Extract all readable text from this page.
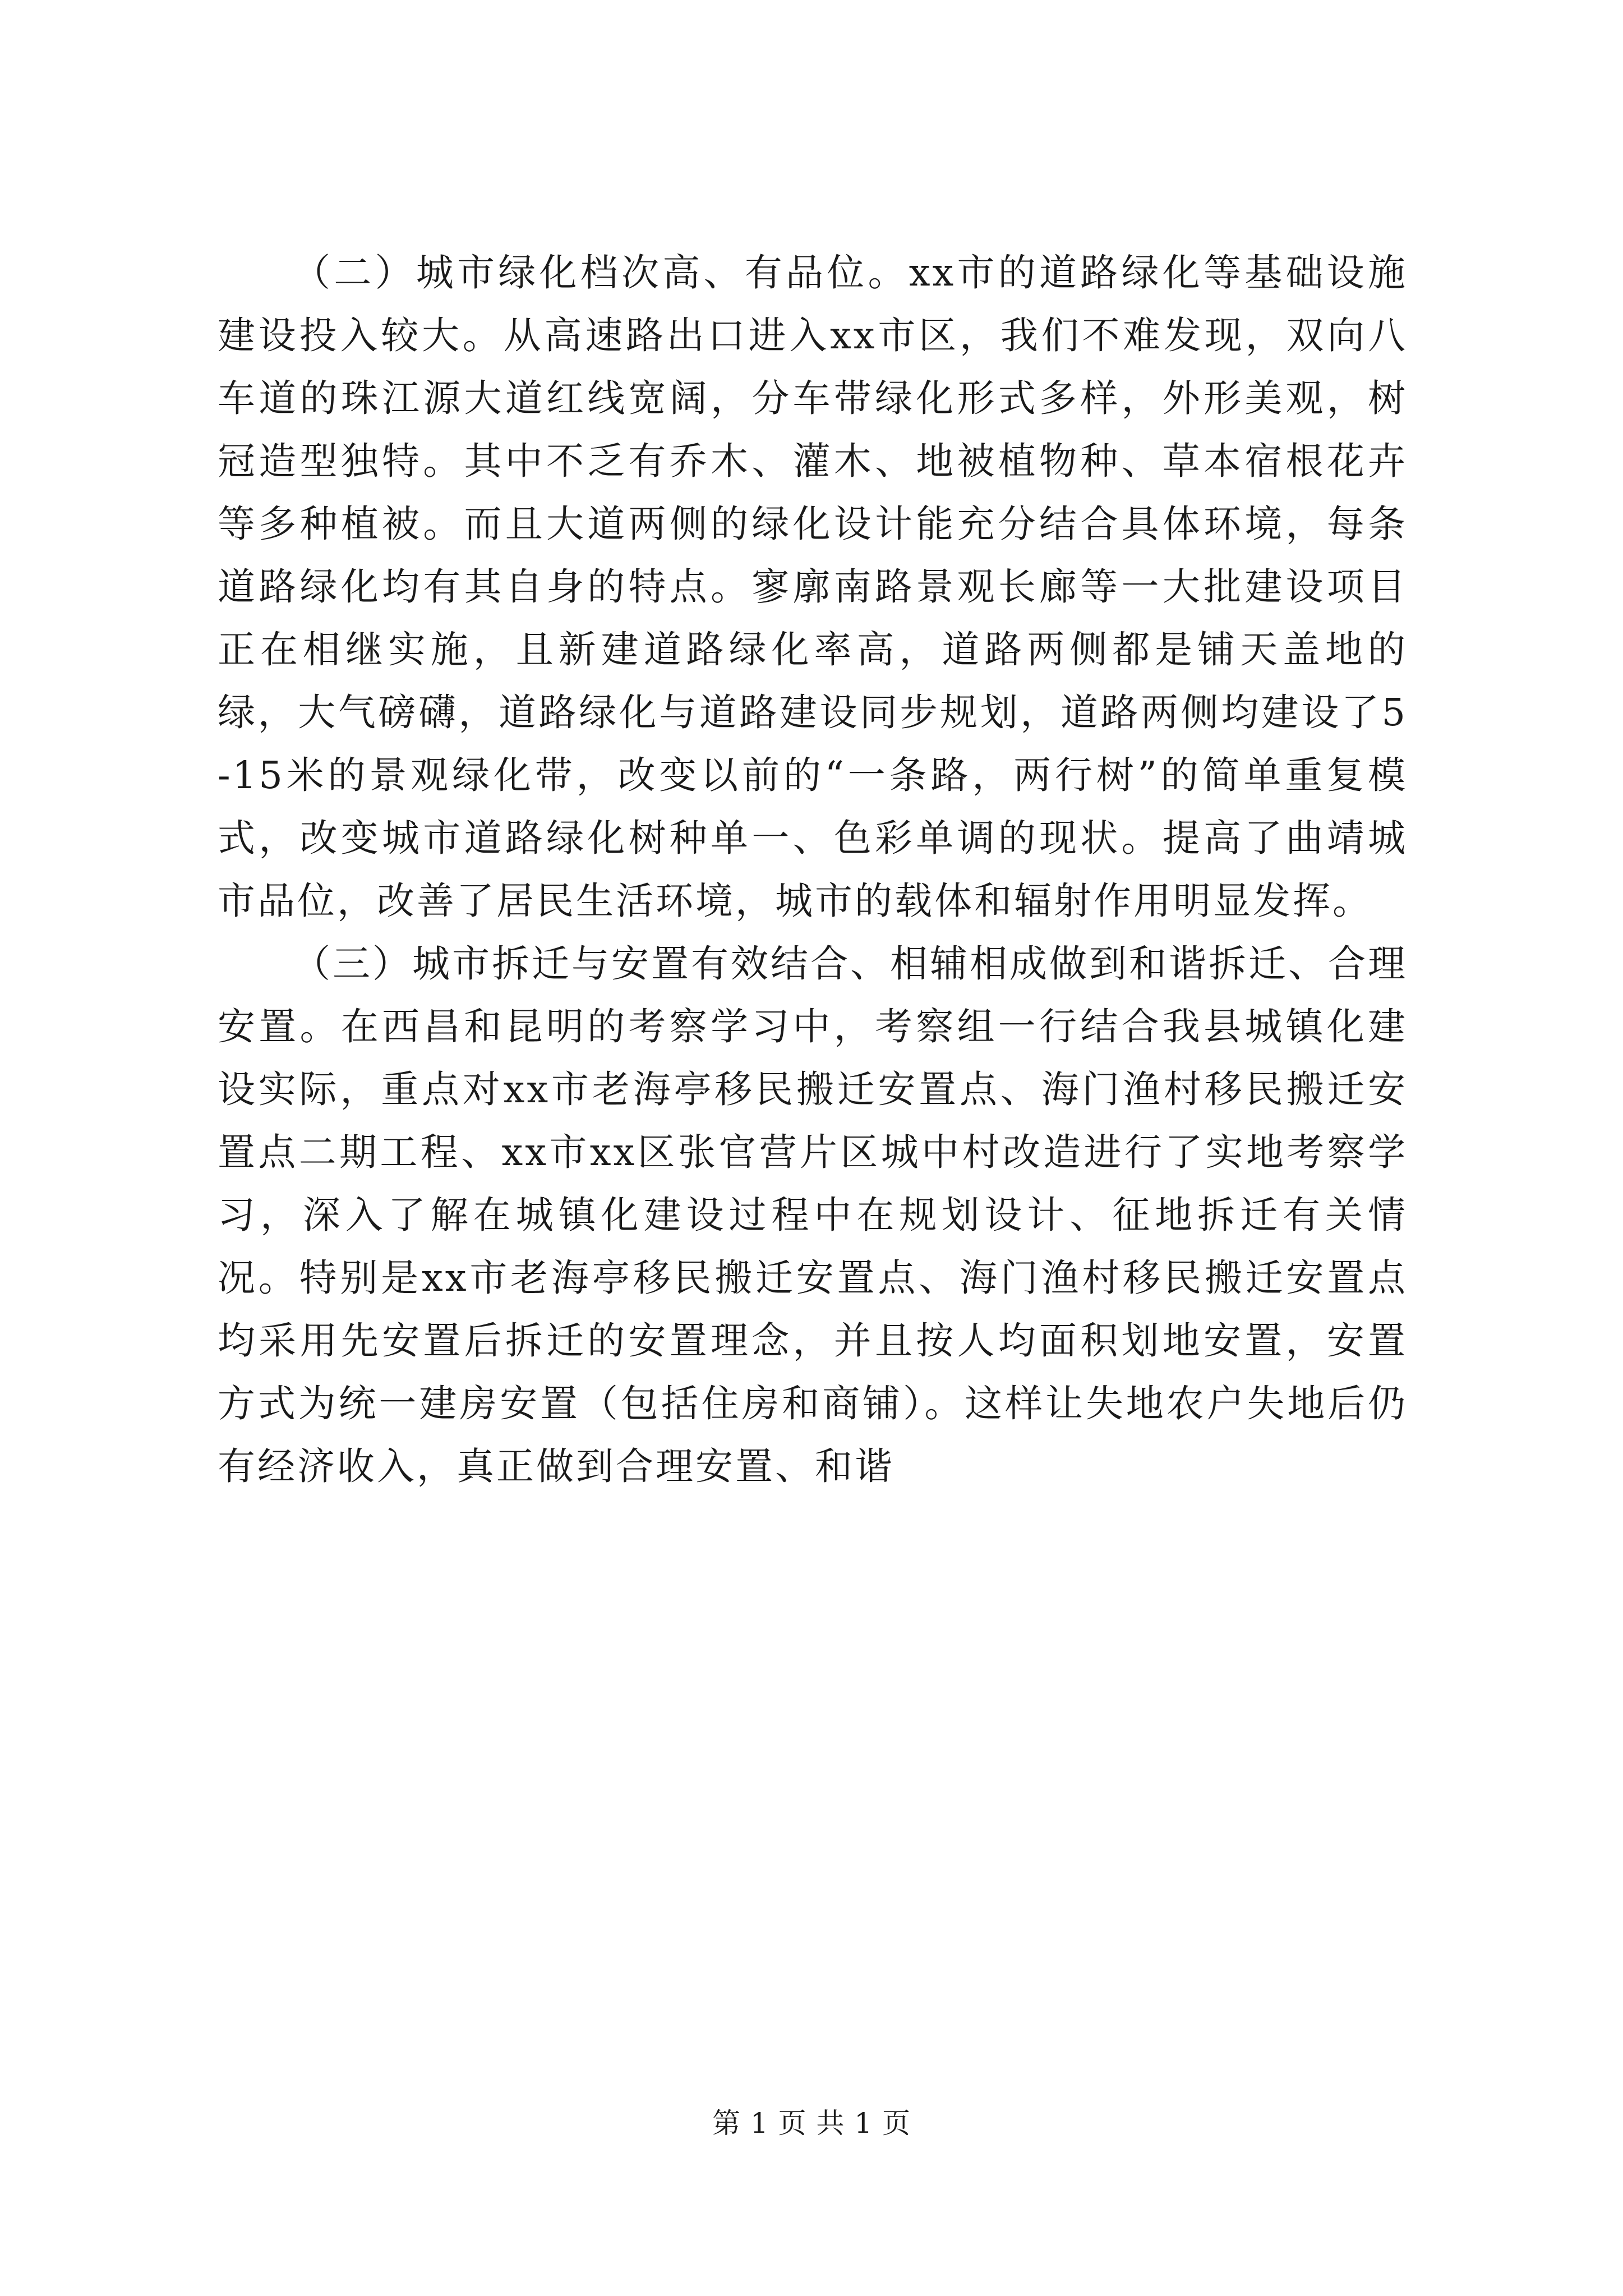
（二）城市绿化档次高、有品位。xx市的道路绿化等基础设施建设投入较大。从高速路出口进入xx市区，我们不难发现，双向八车道的珠江源大道红线宽阔，分车带绿化形式多样，外形美观，树冠造型独特。其中不乏有乔木、灌木、地被植物种、草本宿根花卉等多种植被。而且大道两侧的绿化设计能充分结合具体环境，每条道路绿化均有其自身的特点。寥廓南路景观长廊等一大批建设项目正在相继实施，且新建道路绿化率高，道路两侧都是铺天盖地的绿，大气磅礴，道路绿化与道路建设同步规划，道路两侧均建设了5-15米的景观绿化带，改变以前的“一条路，两行树”的简单重复模式，改变城市道路绿化树种单一、色彩单调的现状。提高了曲靖城市品位，改善了居民生活环境，城市的载体和辐射作用明显发挥。

（三）城市拆迁与安置有效结合、相辅相成做到和谐拆迁、合理安置。在西昌和昆明的考察学习中，考察组一行结合我县城镇化建设实际，重点对xx市老海亭移民搬迁安置点、海门渔村移民搬迁安置点二期工程、xx市xx区张官营片区城中村改造进行了实地考察学习，深入了解在城镇化建设过程中在规划设计、征地拆迁有关情况。特别是xx市老海亭移民搬迁安置点、海门渔村移民搬迁安置点均采用先安置后拆迁的安置理念，并且按人均面积划地安置，安置方式为统一建房安置（包括住房和商铺）。这样让失地农户失地后仍有经济收入，真正做到合理安置、和谐

第 1 页 共 1 页
